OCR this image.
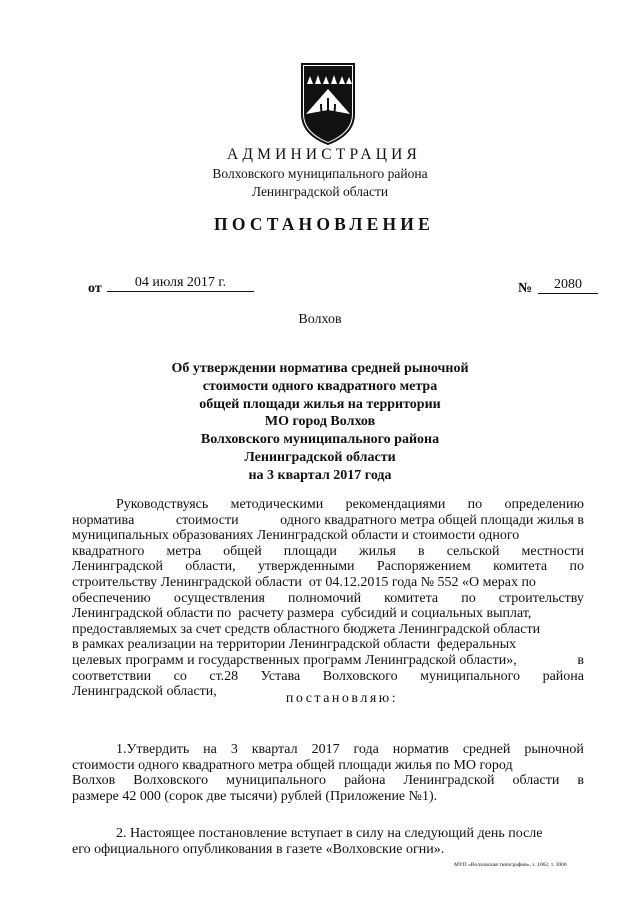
АДМИНИСТРАЦИЯ
Волховского муниципального района
Ленинградской области
ПОСТАНОВЛЕНИЕ
от	04 июля 2017 г.	№	2080
Волхов
Об утверждении норматива средней рыночной
стоимости одного квадратного метра
общей площади жилья на территории
МО город Волхов
Волховского муниципального района
Ленинградской области
на 3 квартал 2017 года
Руководствуясь методическими рекомендациями по определению
нормативa	стоимости	одного квадратного метра общей площади жилья в
муниципальных образованиях Ленинградской области и стоимости одного
квадратного метра общей площади жилья в сельской местности
Ленинградской области, утвержденными Распоряжением комитета по
строительству Ленинградской области  от 04.12.2015 года № 552 «О мерах по
обеспечению осуществления полномочий комитета по строительству
Ленинградской области по  расчету размера  субсидий и социальных выплат,
предоставляемых за счет средств областного бюджета Ленинградской области
в рамках реализации на территории Ленинградской области  федеральных
целевых программ и государственных программ Ленинградской области»,	в
соответствии со ст.28 Устава Волховского муниципального района
Ленинградской области,	постановляю:
1.Утвердить на 3 квартал 2017 года норматив средней рыночной
стоимости одного квадратного метра общей площади жилья по МО город
Волхов Волховского муниципального района Ленинградской области в
размере 42 000 (сорок две тысячи) рублей (Приложение №1).
2. Настоящее постановление вступает в силу на следующий день после
его официального опубликования в газете «Волховские огни».
МУП «Волховская типография», з. 1062, т. 3000
